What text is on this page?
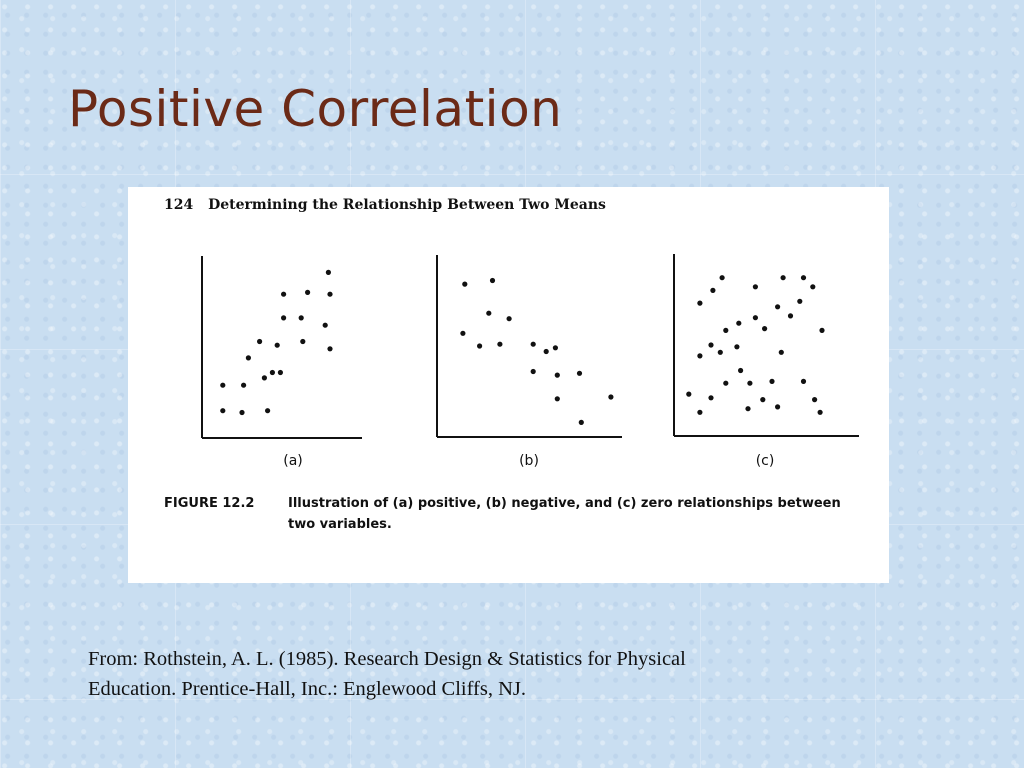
Positive Correlation
124 Determining the Relationship Between Two Means
(a)	(b)	(c)
FIGURE 12.2	Illustration of (a) positive, (b) negative, and (c) zero relationships between
two variables.
From: Rothstein, A. L. (1985). Research Design & Statistics for Physical
Education. Prentice-Hall, Inc.: Englewood Cliffs, NJ.
